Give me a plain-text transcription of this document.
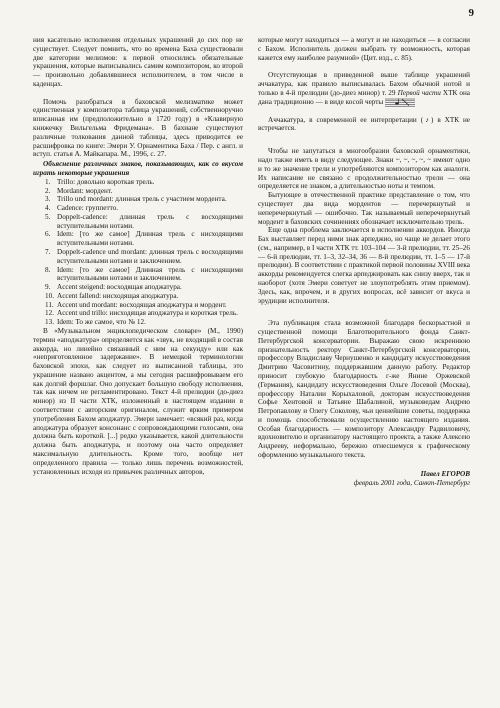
9

ния касательно исполнения отдельных украшений до сих пор не существует. Следует помнить, что во времена Баха существовали две категории мелизмов: к первой относились обязательные украшения, которые выписывались самим композитором, ко второй — произвольно добавлявшиеся исполнителем, в том числе в каденцах.

Помочь разобраться в баховской мелизматике может единственная у композитора таблица украшений, собственноручно вписанная им (предположительно в 1720 году) в «Клавирную книжечку Вильгельма Фридемана». В бахиане существуют различные толкования данной таблицы, здесь приводится ее расшифровка по книге: Эмери У. Орнаментика Баха / Пер. с англ. и вступ. статья А. Майкапара. М., 1996, с. 27.

Объяснение различных знаков, показывающих, как со вкусом играть некоторые украшения

1. Trillo: довольно короткая трель.
2. Mordant: мордент.
3. Trillo und mordant: длинная трель с участием мордента.
4. Cadence: группетто.
5. Doppelt-cadence: длинная трель с восходящими вступительными нотами.
6. Idem: [то же самое] Длинная трель с нисходящими вступительными нотами.
7. Doppelt-cadence und mordant: длинная трель с восходящими вступительными нотами и заключением.
8. Idem: [то же самое] Длинная трель с нисходящими вступительными нотами и заключением.
9. Accent steigend: восходящая аподжатура.
10. Accent fallend: нисходящая аподжатура.
11. Accent und mordant: восходящая аподжатура и мордент.
12. Accent und trillo: нисходящая аподжатура и короткая трель.
13. Idem: То же самое, что № 12.

В «Музыкальном энциклопедическом словаре» (М., 1990) термин «аподжатура» определяется как «звук, не входящий в состав аккорда, но линейно связанный с ним на секунду» или как «неприготовленное задержание». В немецкой терминологии баховской эпохи, как следует из выписанной таблицы, это украшение названо акцентом, а мы сегодня расшифровываем его как долгий форшлаг. Оно допускает большую свободу исполнения, так как ничем не регламентировано. Текст 4-й прелюдии (до-диез минор) из II части ХТК, изложенный в настоящем издании в соответствии с авторским оригиналом, служит ярким примером употребления Бахом аподжатур. Эмери замечает: «всякий раз, когда аподжатура образует консонанс с сопровождающими голосами, она должна быть короткой. [...] редко указывается, какой длительности должна быть аподжатура, и поэтому она часто определяет максимальную длительность. Кроме того, вообще нет определенного правила — только лишь перечень возможностей, установленных исходя из привычек различных авторов,

которые могут находиться — а могут и не находиться — в согласии с Бахом. Исполнитель должен выбрать ту возможность, которая кажется ему наиболее разумной» (Цит. изд., с. 85).

Отсутствующая в приведенной выше таблице украшений аччакатура, как правило выписывалась Бахом обычной нотой и только в 4-й прелюдии (до-диез минор) т. 29 Первой части ХТК она дана традиционно — в виде косой черты

Аччакатура, в современной ее интерпретации (♪) в ХТК не встречается.

Чтобы не запутаться в многообразии баховской орнаментики, надо также иметь в виду следующее. Знаки ~, ~, ~, ~, ~ имеют одно и то же значение трели и употребляются композитором как аналоги. Их написание не связано с продолжительностью трели — она определяется не знаком, а длительностью ноты и темпом.

Бытующее в отечественной практике представление о том, что существует два вида мордентов — перечеркнутый и неперечеркнутый — ошибочно. Так называемый неперечеркнутый мордент в баховских сочинениях обозначает исключительно трель.

Еще одна проблема заключается в исполнении аккордов. Иногда Бах выставляет перед ними знак арпеджио, но чаще не делает этого (см., например, в I части ХТК тт. 103–104 — 3-й прелюдии, тт. 25–26 — 6-й прелюдии, тт. 1–3, 32–34, 36 — 8-й прелюдии, тт. 1–5 — 17-й прелюдии). В соответствии с практикой первой половины XVIII века аккорды рекомендуется слегка арпеджировать как снизу вверх, так и наоборот (хотя Эмери советует не злоупотреблять этим приемом). Здесь, как, впрочем, и в других вопросах, всё зависит от вкуса и эрудиции исполнителя.

Эта публикация стала возможной благодаря бескорыстной и существенной помощи Благотворительного фонда Санкт-Петербургской консерватории. Выражаю свою искреннюю признательность ректору Санкт-Петербургской консерватории, профессору Владиславу Чернушенко и кандидату искусствоведения Дмитрию Часовитину, поддержавшим данную работу. Редактор приносит глубокую благодарность г-же Янине Оржевской (Германия), кандидату искусствоведения Ольге Лосевой (Москва), профессору Наталии Корыхаловой, докторам искусствоведения Софье Хентовой и Татьяне Шабалиной, музыковедам Андрею Петропавлову и Олегу Соколову, чьи ценнейшие советы, поддержка и помощь способствовали осуществлению настоящего издания. Особая благодарность — композитору Александру Радвиловичу, вдохновителю и организатору настоящего проекта, а также Алексею Андрееву, неформально, бережно отнесшемуся к графическому оформлению музыкального текста.

Павел ЕГОРОВ

февраль 2001 года, Санкт-Петербург
